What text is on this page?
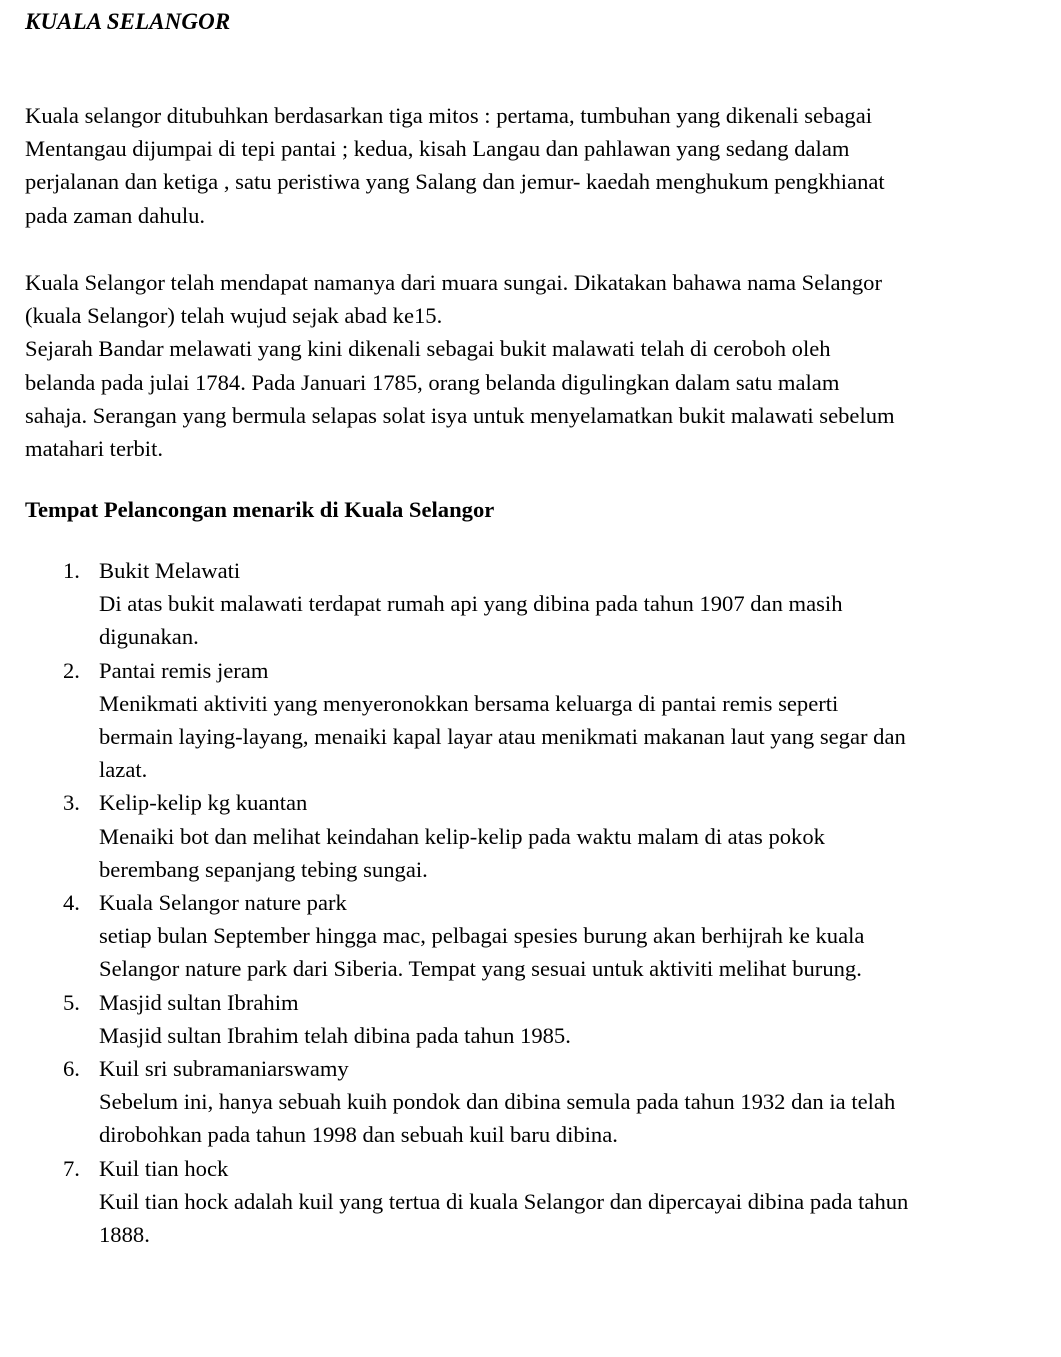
KUALA SELANGOR

Kuala selangor ditubuhkan berdasarkan tiga mitos : pertama, tumbuhan yang dikenali sebagai
Mentangau dijumpai di tepi pantai ; kedua, kisah Langau dan pahlawan yang sedang dalam
perjalanan dan ketiga , satu peristiwa yang Salang dan jemur- kaedah menghukum pengkhianat
pada zaman dahulu.

Kuala Selangor telah mendapat namanya dari muara sungai. Dikatakan bahawa nama Selangor
(kuala Selangor) telah wujud sejak abad ke15.
Sejarah Bandar melawati yang kini dikenali sebagai bukit malawati telah di ceroboh oleh
belanda pada julai 1784. Pada Januari 1785, orang belanda digulingkan dalam satu malam
sahaja. Serangan yang bermula selapas solat isya untuk menyelamatkan bukit malawati sebelum
matahari terbit.

Tempat Pelancongan menarik di Kuala Selangor
1. Bukit Melawati
Di atas bukit malawati terdapat rumah api yang dibina pada tahun 1907 dan masih
digunakan.
2. Pantai remis jeram
Menikmati aktiviti yang menyeronokkan bersama keluarga di pantai remis seperti
bermain laying-layang, menaiki kapal layar atau menikmati makanan laut yang segar dan
lazat.
3. Kelip-kelip kg kuantan
Menaiki bot dan melihat keindahan kelip-kelip pada waktu malam di atas pokok
berembang sepanjang tebing sungai.
4. Kuala Selangor nature park
setiap bulan September hingga mac, pelbagai spesies burung akan berhijrah ke kuala
Selangor nature park dari Siberia. Tempat yang sesuai untuk aktiviti melihat burung.
5. Masjid sultan Ibrahim
Masjid sultan Ibrahim telah dibina pada tahun 1985.
6. Kuil sri subramaniarswamy
Sebelum ini, hanya sebuah kuih pondok dan dibina semula pada tahun 1932 dan ia telah
dirobohkan pada tahun 1998 dan sebuah kuil baru dibina.
7. Kuil tian hock
Kuil tian hock adalah kuil yang tertua di kuala Selangor dan dipercayai dibina pada tahun
1888.
